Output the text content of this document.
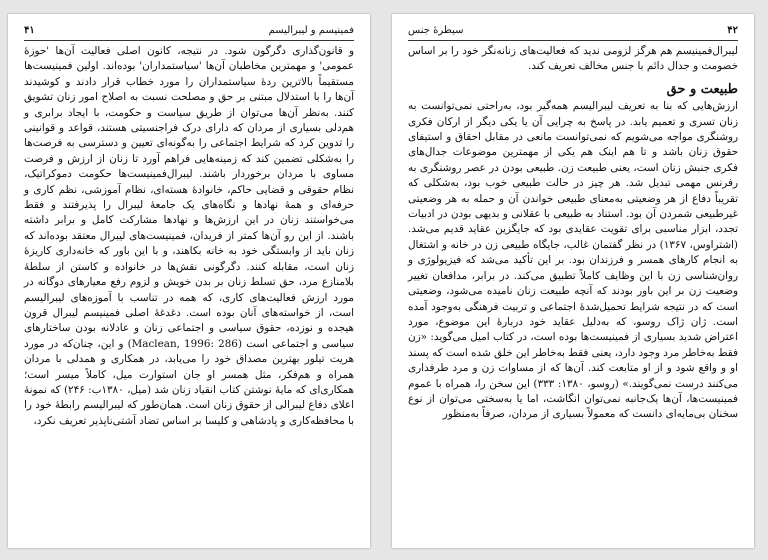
فمینیسم و لیبرالیسم
۴۱

و قانون‌گذاری دگرگون شود. در نتیجه، کانون اصلی فعالیت آن‌ها 'حوزهٔ عمومی' و مهمترین مخاطبان آن‌ها 'سیاستمداران' بوده‌اند. اولین فمینیست‌ها مستقیماً بالاترین ردهٔ سیاستمداران را مورد خطاب قرار دادند و کوشیدند آن‌ها را با استدلال مبتنی بر حق و مصلحت نسبت به اصلاح امور زنان تشویق کنند. به‌نظر آن‌ها می‌توان از طریق سیاست و حکومت، با ایجاد برابری و هم‌دلی بسیاری از مردان که دارای درک فراجنسیتی هستند، قواعد و قوانینی را تدوین کرد که شرایط اجتماعی را به‌گونه‌ای تعیین و دسترسی به فرصت‌ها را به‌شکلی تضمین کند که زمینه‌هایی فراهم آورد تا زنان از ارزش و فرصت مساوی با مردان برخوردار باشند. لیبرال‌فمینیست‌ها حکومت دموکراتیک، نظام حقوقی و قضایی حاکم، خانوادهٔ هسته‌ای، نظام آموزشی، نظم کاری و حرفه‌ای و همهٔ نهادها و نگاه‌های یک جامعهٔ لیبرال را پذیرفتند و فقط می‌خواستند زنان در این ارزش‌ها و نهادها مشارکت کامل و برابر داشته باشند. از این رو آن‌ها کمتر از فریدان، فمینیست‌های لیبرال معتقد بوده‌اند که زنان باید از وابستگی خود به خانه بکاهند، و با این باور که خانه‌داری کاریزهٔ زنان است، مقابله کنند. دگرگونی نقش‌ها در خانواده و کاستن از سلطهٔ بلامنازع مرد، حق تسلط زنان بر بدن خویش و لزوم رفع معیارهای دوگانه در مورد ارزش فعالیت‌های کاری، که همه در تناسب با آموزه‌های لیبرالیسم است، از خواسته‌های آنان بوده است. دغدغهٔ اصلی فمینیسم لیبرال قرون هیجده و نوزده، حقوق سیاسی و اجتماعی زنان و عادلانه بودن ساختارهای سیاسی و اجتماعی است (Maclean, 1996: 286) و این، چنان‌که در مورد هریت تیلور بهترین مصداق خود را می‌یابد، در همکاری و همدلی با مردان همراه و هم‌فکر، مثل همسر او جان استوارت میل، کاملاً میسر است؛ همکاری‌ای که مایهٔ نوشتن کتاب انقیاد زنان شد (میل، ۱۳۸۰ب: ۲۴۶) که نمونهٔ اعلای دفاع لیبرالی از حقوق زنان است. همان‌طور که لیبرالیسم رابطهٔ خود را با محافظه‌کاری و پادشاهی و کلیسا بر اساس تضاد آشتی‌ناپذیر تعریف نکرد،

۴۲
سیطرهٔ جنس

لیبرال‌فمینیسم هم هرگز لزومی ندید که فعالیت‌های زنانه‌نگر خود را بر اساس خصومت و جدال دائم با جنس مخالف تعریف کند.

طبیعت و حق

ارزش‌هایی که بنا به تعریف لیبرالیسم همه‌گیر بود، به‌راحتی نمی‌توانست به زنان تسری و تعمیم یابد. در پاسخ به چرایی آن یا یکی دیگر از ارکان فکری روشنگری مواجه می‌شویم که نمی‌توانست مانعی در مقابل احقاق و استیفای حقوق زنان باشد و تا هم اینک هم یکی از مهمترین موضوعات جدال‌های فکری جنبش زنان است، یعنی طبیعت زن. طبیعی بودن در عصر روشنگری به رفرنس مهمی تبدیل شد. هر چیز در حالت طبیعی خوب بود، به‌شکلی که تقریباً دفاع از هر وضعیتی به‌معنای طبیعی خواندن آن و حمله به هر وضعیتی غیرطبیعی شمردن آن بود. استناد به طبیعی با عقلانی و بدیهی بودن در ادبیات تجدد، ابزار مناسبی برای تقویت عقایدی بود که جایگزین عقاید قدیم می‌شد. (اشتراوس، ۱۳۶۷) در نظر گفتمان غالب، جایگاه طبیعی زن در خانه و اشتغال به انجام کارهای همسر و فرزندان بود. بر این تأکید می‌شد که فیزیولوژی و روان‌شناسی زن با این وظایف کاملاً تطبیق می‌کند. در برابر، مدافعان تغییر وضعیت زن بر این باور بودند که آنچه طبیعت زنان نامیده می‌شود، وضعیتی است که در نتیجه شرایط تحمیل‌شدهٔ اجتماعی و تربیت فرهنگی به‌وجود آمده است. ژان ژاک روسو، که به‌دلیل عقاید خود دربارهٔ این موضوع، مورد اعتراض شدید بسیاری از فمینیست‌ها بوده است، در کتاب امیل می‌گوید: «زن فقط به‌خاطر مرد وجود دارد، یعنی فقط به‌خاطر این خلق شده است که پسند او و واقع شود و از او متابعت کند. آن‌ها که از مساوات زن و مرد طرفداری می‌کنند درست نمی‌گویند.» (روسو، ۱۳۸۰: ۳۳۳) این سخن را، همراه با عموم فمینیست‌ها، آن‌ها یک‌جانبه نمی‌توان انگاشت، اما یا به‌سختی می‌توان از نوع سخنان بی‌مایه‌ای دانست که معمولاً بسیاری از مردان، صرفاً به‌منظور
